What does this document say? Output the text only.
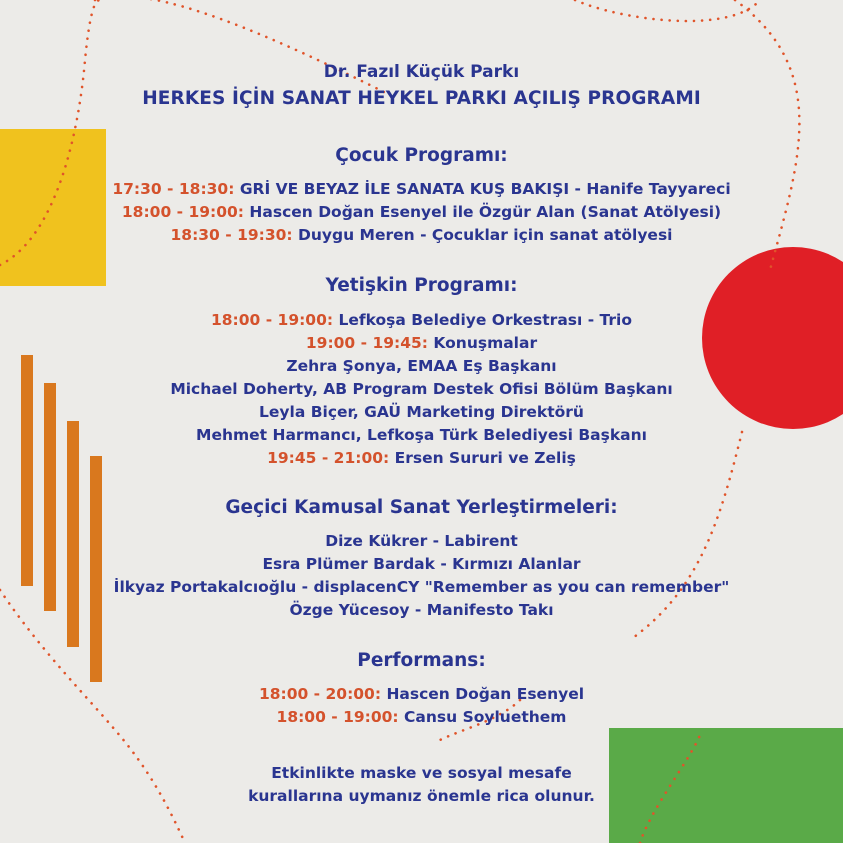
Dr. Fazıl Küçük Parkı
HERKES İÇİN SANAT HEYKEL PARKI AÇILIŞ PROGRAMI
Çocuk Programı:
17:30 - 18:30: GRİ VE BEYAZ İLE SANATA KUŞ BAKIŞI - Hanife Tayyareci
18:00 - 19:00: Hascen Doğan Esenyel ile Özgür Alan (Sanat Atölyesi)
18:30 - 19:30: Duygu Meren - Çocuklar için sanat atölyesi
Yetişkin Programı:
18:00 - 19:00: Lefkoşa Belediye Orkestrası - Trio
19:00 - 19:45: Konuşmalar
Zehra Şonya, EMAA Eş Başkanı
Michael Doherty, AB Program Destek Ofisi Bölüm Başkanı
Leyla Biçer, GAÜ Marketing Direktörü
Mehmet Harmancı, Lefkoşa Türk Belediyesi Başkanı
19:45 - 21:00: Ersen Sururi ve Zeliş
Geçici Kamusal Sanat Yerleştirmeleri:
Dize Kükrer - Labirent
Esra Plümer Bardak - Kırmızı Alanlar
İlkyaz Portakalcıoğlu - displacenCY "Remember as you can remember"
Özge Yücesoy - Manifesto Takı
Performans:
18:00 - 20:00: Hascen Doğan Esenyel
18:00 - 19:00: Cansu Soyluethem
Etkinlikte maske ve sosyal mesafe
kurallarına uymanız önemle rica olunur.
